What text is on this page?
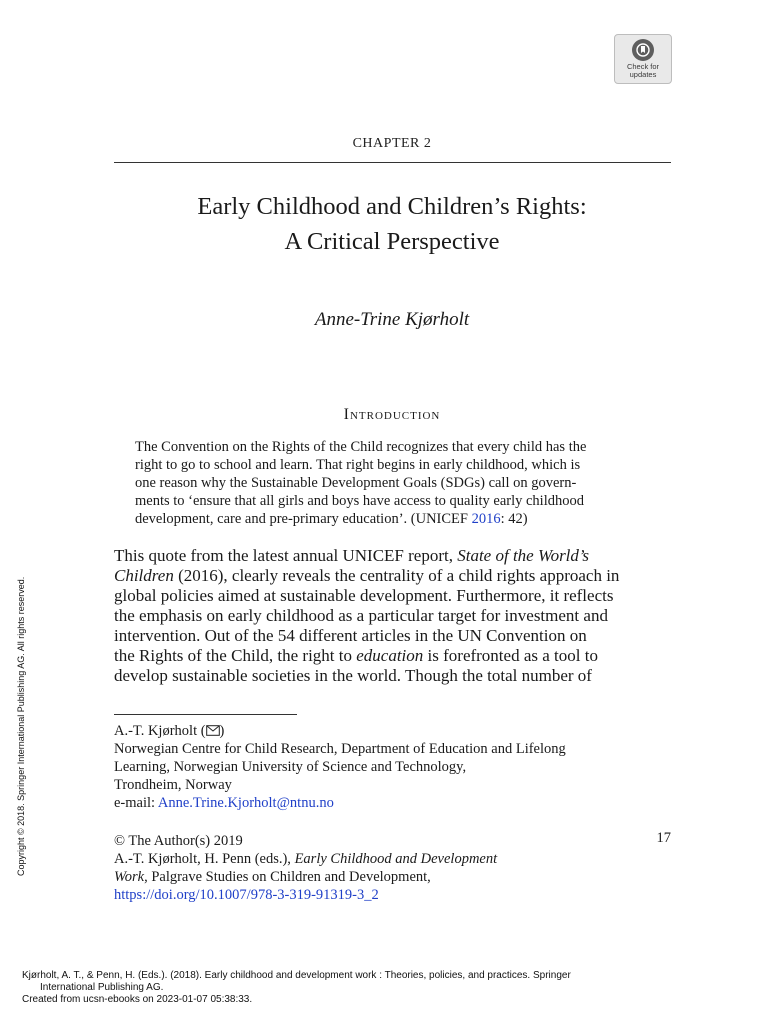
Check for
updates
CHAPTER 2
Early Childhood and Children’s Rights:
A Critical Perspective
Anne-Trine Kjørholt
Introduction
The Convention on the Rights of the Child recognizes that every child has the
right to go to school and learn. That right begins in early childhood, which is
one reason why the Sustainable Development Goals (SDGs) call on govern-
ments to ‘ensure that all girls and boys have access to quality early childhood
development, care and pre-primary education’. (UNICEF 2016: 42)
This quote from the latest annual UNICEF report, State of the World’s
Children (2016), clearly reveals the centrality of a child rights approach in
global policies aimed at sustainable development. Furthermore, it reflects
the emphasis on early childhood as a particular target for investment and
intervention. Out of the 54 different articles in the UN Convention on
the Rights of the Child, the right to education is forefronted as a tool to
develop sustainable societies in the world. Though the total number of
A.-T. Kjørholt ( )
Norwegian Centre for Child Research, Department of Education and Lifelong
Learning, Norwegian University of Science and Technology,
Trondheim, Norway
e-mail: Anne.Trine.Kjorholt@ntnu.no
© The Author(s) 2019	17
A.-T. Kjørholt, H. Penn (eds.), Early Childhood and Development
Work, Palgrave Studies on Children and Development,
https://doi.org/10.1007/978-3-319-91319-3_2
Copyright © 2018. Springer International Publishing AG. All rights reserved.
Kjørholt, A. T., & Penn, H. (Eds.). (2018). Early childhood and development work : Theories, policies, and practices. Springer
International Publishing AG.
Created from ucsn-ebooks on 2023-01-07 05:38:33.
